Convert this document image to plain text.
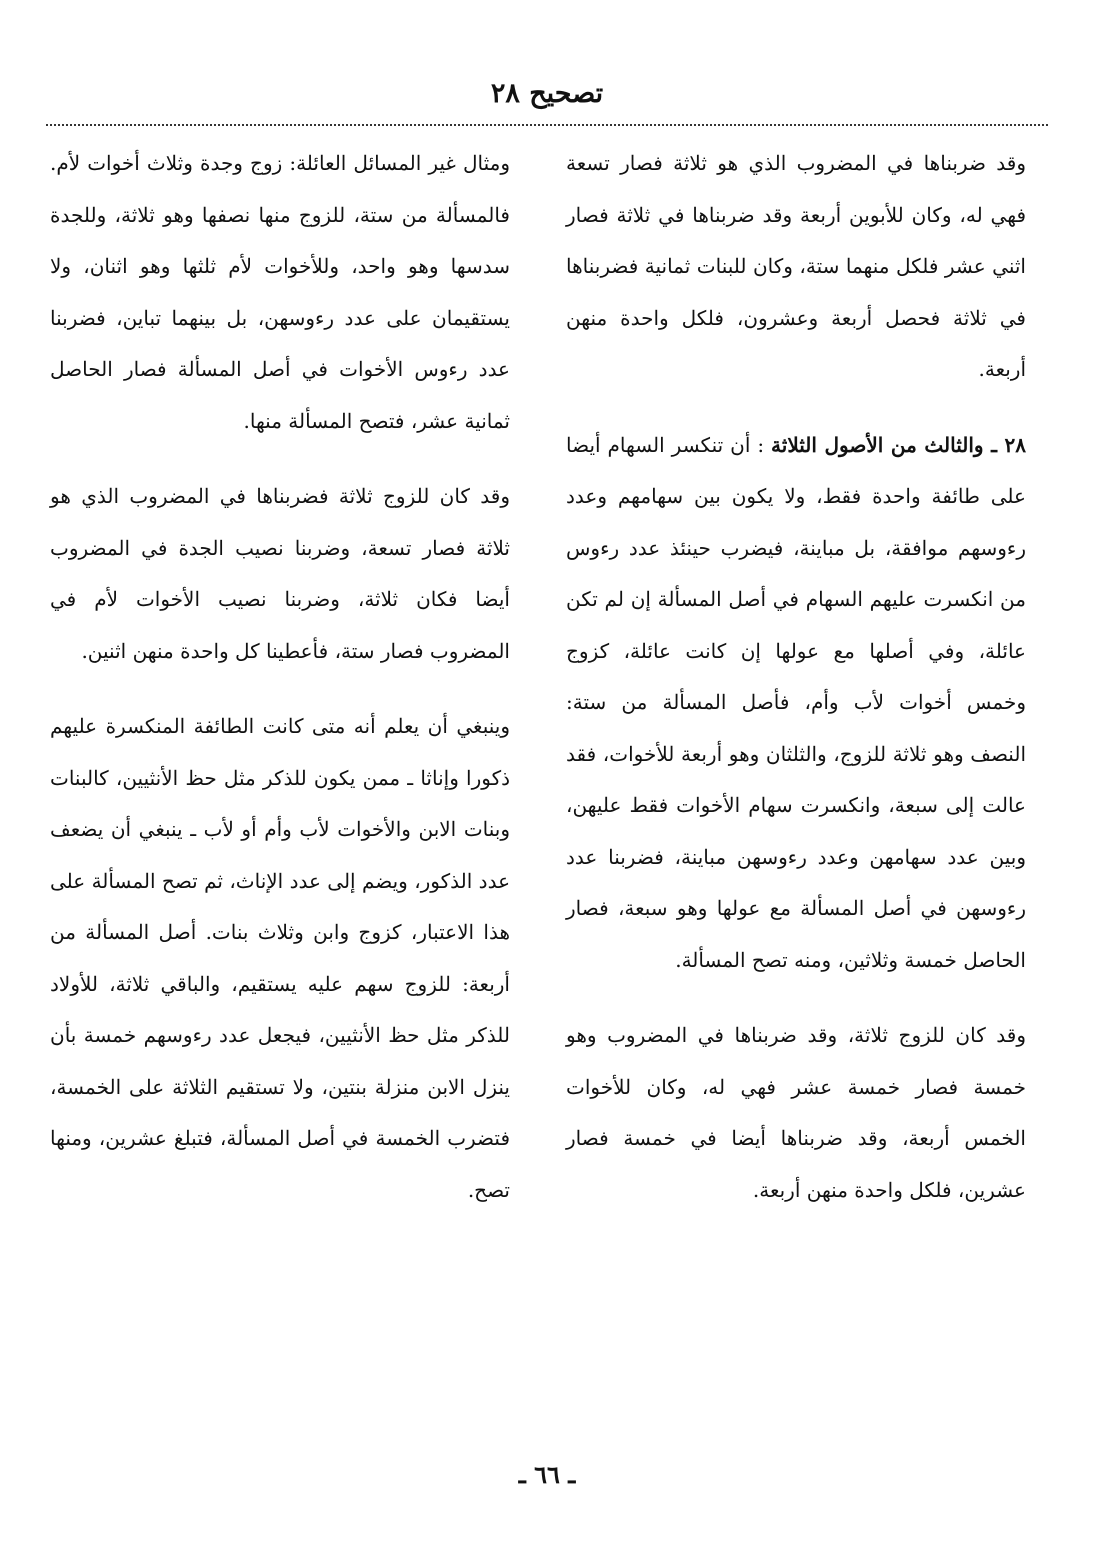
تصحيح ٢٨

وقد ضربناها في المضروب الذي هو ثلاثة فصار تسعة فهي له، وكان للأبوين أربعة وقد ضربناها في ثلاثة فصار اثني عشر فلكل منهما ستة، وكان للبنات ثمانية فضربناها في ثلاثة فحصل أربعة وعشرون، فلكل واحدة منهن أربعة.

٢٨ ـ والثالث من الأصول الثلاثة : أن تنكسر السهام أيضا على طائفة واحدة فقط، ولا يكون بين سهامهم وعدد رءوسهم موافقة، بل مباينة، فيضرب حينئذ عدد رءوس من انكسرت عليهم السهام في أصل المسألة إن لم تكن عائلة، وفي أصلها مع عولها إن كانت عائلة، كزوج وخمس أخوات لأب وأم، فأصل المسألة من ستة: النصف وهو ثلاثة للزوج، والثلثان وهو أربعة للأخوات، فقد عالت إلى سبعة، وانكسرت سهام الأخوات فقط عليهن، وبين عدد سهامهن وعدد رءوسهن مباينة، فضربنا عدد رءوسهن في أصل المسألة مع عولها وهو سبعة، فصار الحاصل خمسة وثلاثين، ومنه تصح المسألة.

وقد كان للزوج ثلاثة، وقد ضربناها في المضروب وهو خمسة فصار خمسة عشر فهي له، وكان للأخوات الخمس أربعة، وقد ضربناها أيضا في خمسة فصار عشرين، فلكل واحدة منهن أربعة.

ومثال غير المسائل العائلة: زوج وجدة وثلاث أخوات لأم. فالمسألة من ستة، للزوج منها نصفها وهو ثلاثة، وللجدة سدسها وهو واحد، وللأخوات لأم ثلثها وهو اثنان، ولا يستقيمان على عدد رءوسهن، بل بينهما تباين، فضربنا عدد رءوس الأخوات في أصل المسألة فصار الحاصل ثمانية عشر، فتصح المسألة منها.

وقد كان للزوج ثلاثة فضربناها في المضروب الذي هو ثلاثة فصار تسعة، وضربنا نصيب الجدة في المضروب أيضا فكان ثلاثة، وضربنا نصيب الأخوات لأم في المضروب فصار ستة، فأعطينا كل واحدة منهن اثنين.

وينبغي أن يعلم أنه متى كانت الطائفة المنكسرة عليهم ذكورا وإناثا ـ ممن يكون للذكر مثل حظ الأنثيين، كالبنات وبنات الابن والأخوات لأب وأم أو لأب ـ ينبغي أن يضعف عدد الذكور، ويضم إلى عدد الإناث، ثم تصح المسألة على هذا الاعتبار، كزوج وابن وثلاث بنات. أصل المسألة من أربعة: للزوج سهم عليه يستقيم، والباقي ثلاثة، للأولاد للذكر مثل حظ الأنثيين، فيجعل عدد رءوسهم خمسة بأن ينزل الابن منزلة بنتين، ولا تستقيم الثلاثة على الخمسة، فتضرب الخمسة في أصل المسألة، فتبلغ عشرين، ومنها تصح.

ـ ٦٦ ـ
